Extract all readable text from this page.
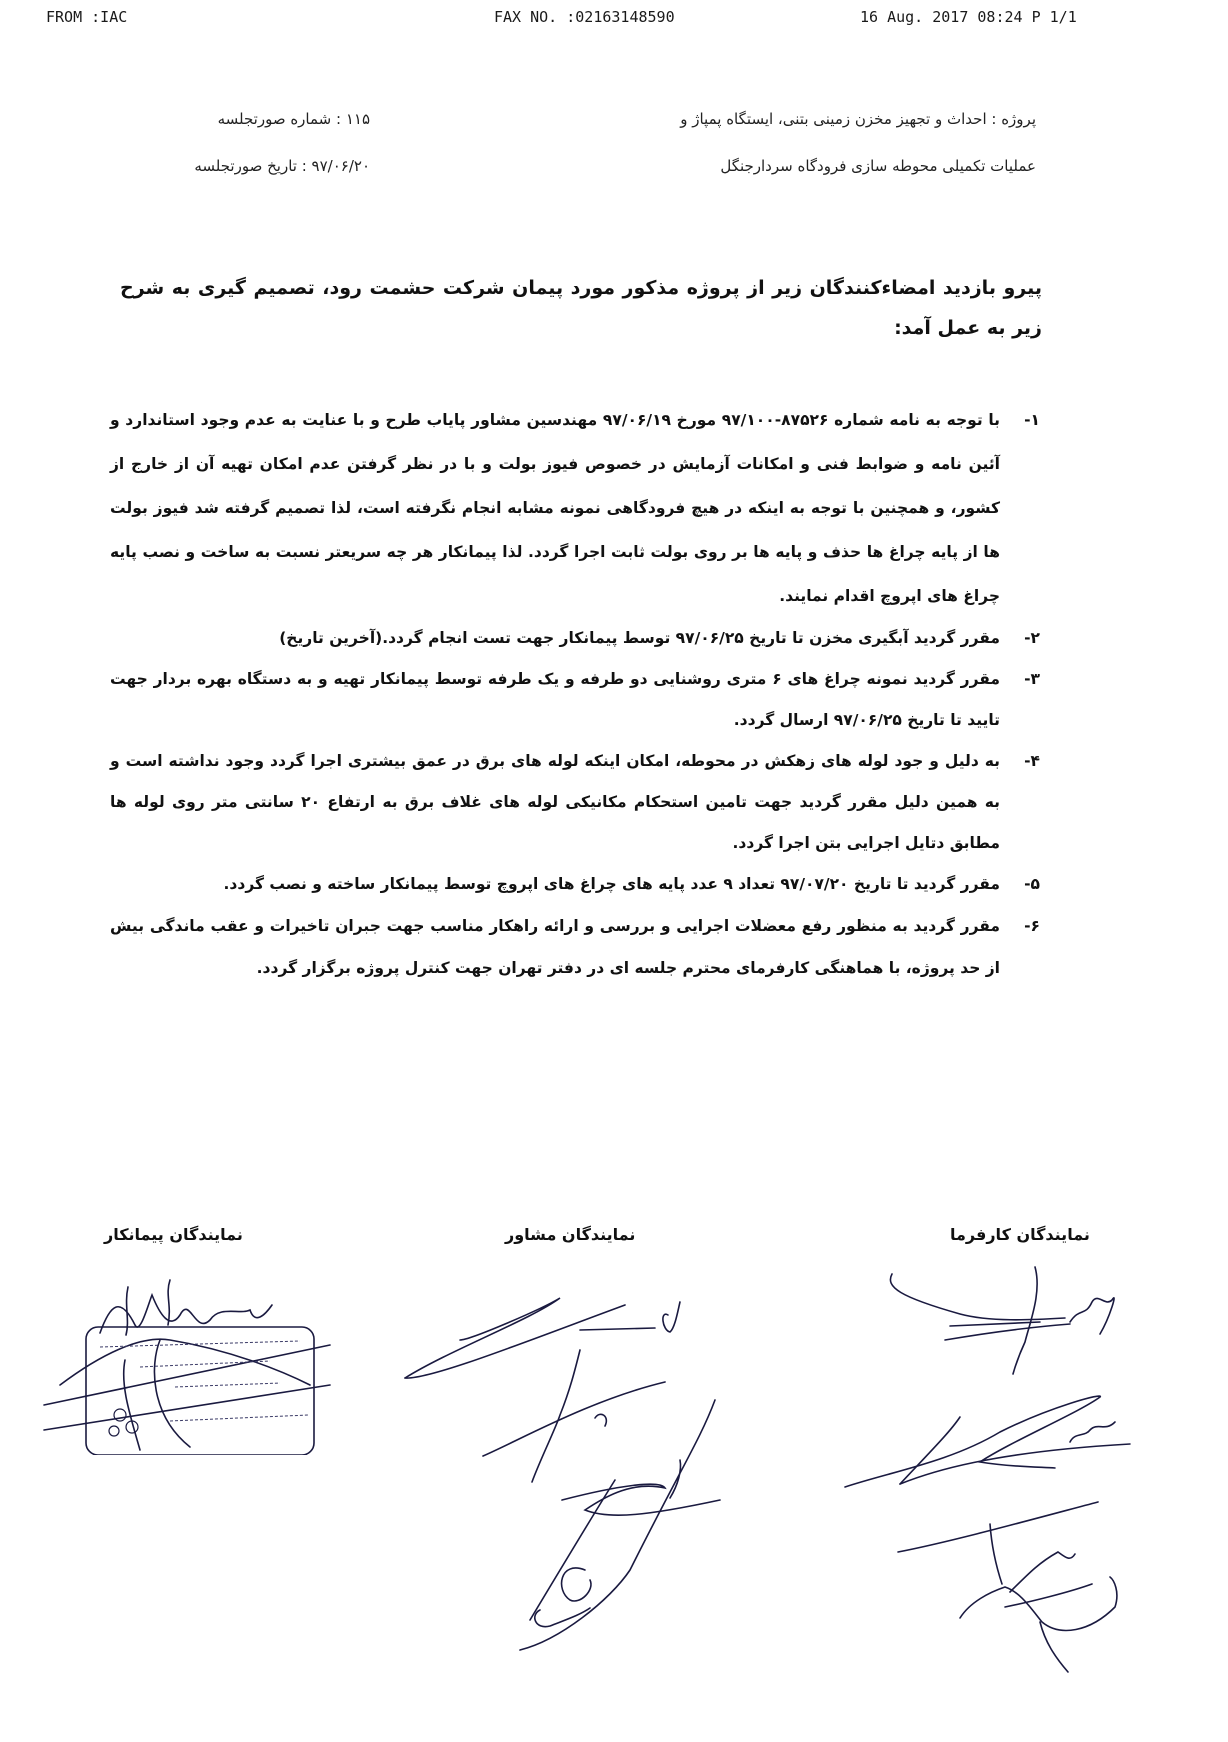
FROM :IAC	FAX NO. :02163148590	16 Aug. 2017 08:24 P 1/1
پروژه : احداث و تجهیز مخزن زمینی بتنی، ایستگاه پمپاژ و
عملیات تکمیلی محوطه سازی فرودگاه سردارجنگل
۱۱۵ : شماره صورتجلسه
۹۷/۰۶/۲۰ : تاریخ صورتجلسه
پیرو بازدید امضاءکنندگان زیر از پروژه مذکور مورد پیمان شرکت حشمت رود، تصمیم گیری به شرح زیر به عمل آمد:
۱-
با توجه به نامه شماره ۸۷۵۲۶-۹۷/۱۰۰ مورخ ۹۷/۰۶/۱۹ مهندسین مشاور پایاب طرح و با عنایت به عدم وجود استاندارد و آئین نامه و ضوابط فنی و امکانات آزمایش در خصوص فیوز بولت و با در نظر گرفتن عدم امکان تهیه آن از خارج از کشور، و همچنین با توجه به اینکه در هیچ فرودگاهی نمونه مشابه انجام نگرفته است، لذا تصمیم گرفته شد فیوز بولت ها از پایه چراغ ها حذف و پایه ها بر روی بولت ثابت اجرا گردد. لذا پیمانکار هر چه سریعتر نسبت به ساخت و نصب پایه چراغ های اپروچ اقدام نمایند.
۲-
مقرر گردید آبگیری مخزن تا تاریخ ۹۷/۰۶/۲۵ توسط پیمانکار جهت تست انجام گردد.(آخرین تاریخ)
۳-
مقرر گردید نمونه چراغ های ۶ متری روشنایی دو طرفه و یک طرفه توسط پیمانکار تهیه و به دستگاه بهره بردار جهت تایید تا تاریخ ۹۷/۰۶/۲۵ ارسال گردد.
۴-
به دلیل و جود لوله های زهکش در محوطه، امکان اینکه لوله های برق در عمق بیشتری اجرا گردد وجود نداشته است و به همین دلیل مقرر گردید جهت تامین استحکام مکانیکی لوله های غلاف برق به ارتفاع ۲۰ سانتی متر روی لوله ها مطابق دتایل اجرایی بتن اجرا گردد.
۵-
مقرر گردید تا تاریخ ۹۷/۰۷/۲۰ تعداد ۹ عدد پایه های چراغ های اپروچ توسط پیمانکار ساخته و نصب گردد.
۶-
مقرر گردید به منظور رفع معضلات اجرایی و بررسی و ارائه راهکار مناسب جهت جبران تاخیرات و عقب ماندگی بیش از حد پروژه، با هماهنگی کارفرمای محترم جلسه ای در دفتر تهران جهت کنترل پروژه برگزار گردد.
نمایندگان پیمانکار	نمایندگان مشاور	نمایندگان کارفرما
